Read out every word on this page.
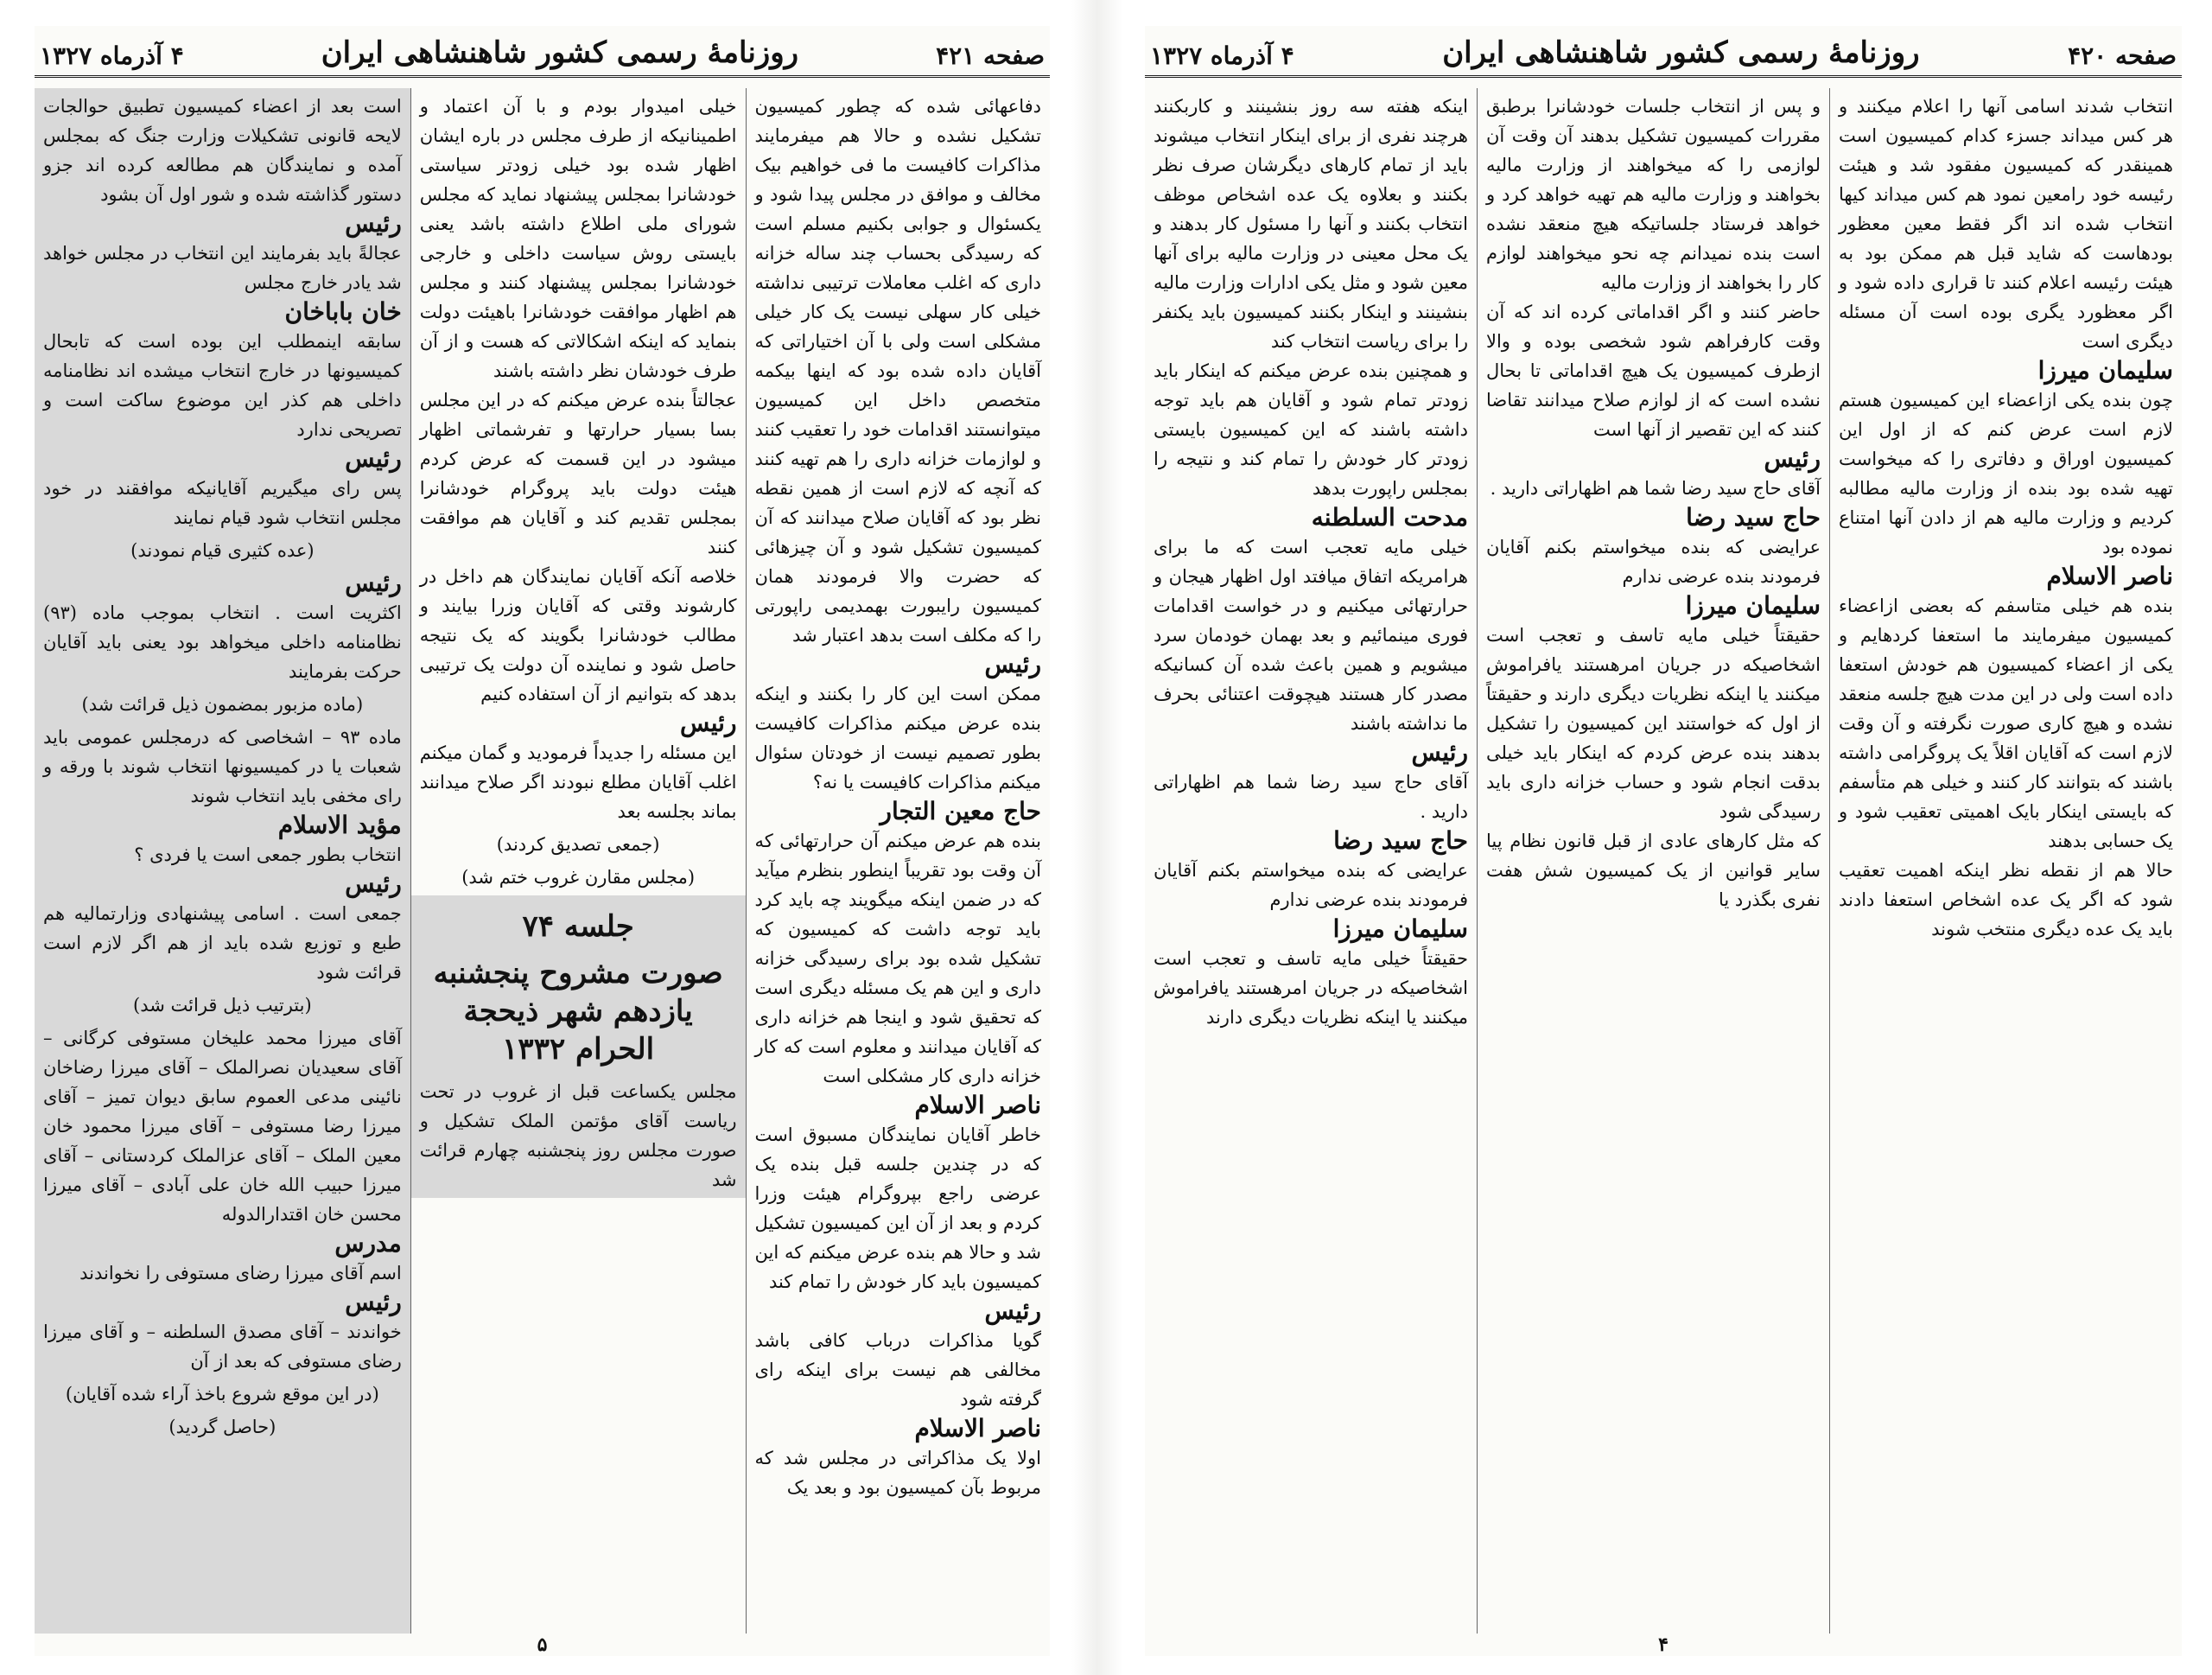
صفحه ۴۲۱
روزنامهٔ رسمی کشور شاهنشاهی ایران
۴ آذرماه ۱۳۲۷
دفاعهائی شده که چطور کمیسیون تشکیل نشده و حالا هم میفرمایند مذاکرات کافیست ما فی خواهیم بیک مخالف و موافق در مجلس پیدا شود و یکسئوال و جوابی بکنیم مسلم است که رسیدگی بحساب چند ساله خزانه داری که اغلب معاملات ترتیبی نداشته خیلی کار سهلی نیست یک کار خیلی مشکلی است ولی با آن اختیاراتی که آقایان داده شده بود که اینها بیکمه متخصص داخل این کمیسیون میتوانستند اقدامات خود را تعقیب کنند و لوازمات خزانه داری را هم تهیه کنند که آنچه که لازم است از همین نقطه نظر بود که آقایان صلاح میدانند که آن کمیسیون تشکیل شود و آن چیزهائی که حضرت والا فرمودند همان کمیسیون رایبورت بهمدیمی راپورتی را که مکلف است بدهد اعتبار شد
رئیس
ممکن است این کار را بکنند و اینکه بنده عرض میکنم مذاکرات کافیست بطور تصمیم نیست از خودتان سئوال میکنم مذاکرات کافیست یا نه؟
حاج معین التجار
بنده هم عرض میکنم آن حرارتهائی که آن وقت بود تقریباً اینطور بنظرم میآید که در ضمن اینکه میگویند چه باید کرد باید توجه داشت که کمیسیون که تشکیل شده بود برای رسیدگی خزانه داری و این هم یک مسئله دیگری است که تحقیق شود و اینجا هم خزانه داری که آقایان میدانند و معلوم است که کار خزانه داری کار مشکلی است
ناصر الاسلام
خاطر آقایان نمایندگان مسبوق است که در چندین جلسه قبل بنده یک عرضی راجع بپروگرام هیئت وزرا کردم و بعد از آن این کمیسیون تشکیل شد و حالا هم بنده عرض میکنم که این کمیسیون باید کار خودش را تمام کند
رئیس
گویا مذاکرات درباب کافی باشد مخالفی هم نیست برای اینکه رای گرفته شود
ناصر الاسلام
اولا یک مذاکراتی در مجلس شد که مربوط بآن کمیسیون بود و بعد یک
خیلی امیدوار بودم و با آن اعتماد و اطمینانیکه از طرف مجلس در باره ایشان اظهار شده بود خیلی زودتر سیاستی خودشانرا بمجلس پیشنهاد نماید که مجلس شورای ملی اطلاع داشته باشد یعنی بایستی روش سیاست داخلی و خارجی خودشانرا بمجلس پیشنهاد کنند و مجلس هم اظهار موافقت خودشانرا باهیئت دولت بنماید که اینکه اشکالاتی که هست و از آن طرف خودشان نظر داشته باشند
عجالتاً بنده عرض میکنم که در این مجلس بسا بسیار حرارتها و تفرشماتی اظهار میشود در این قسمت که عرض کردم هیئت دولت باید پروگرام خودشانرا بمجلس تقدیم کند و آقایان هم موافقت کنند
خلاصه آنکه آقایان نمایندگان هم داخل در کارشوند وقتی که آقایان وزرا بیایند و مطالب خودشانرا بگویند که یک نتیجه حاصل شود و نماینده آن دولت یک ترتیبی بدهد که بتوانیم از آن استفاده کنیم
رئیس
این مسئله را جدیداً فرمودید و گمان میکنم اغلب آقایان مطلع نبودند اگر صلاح میدانند بماند بجلسه بعد
(جمعی تصدیق کردند)
(مجلس مقارن غروب ختم شد)
جلسه ۷۴
صورت مشروح پنجشنبه یازدهم شهر ذیحجة الحرام ۱۳۳۲
مجلس یکساعت قبل از غروب در تحت ریاست آقای مؤتمن الملک تشکیل و صورت مجلس روز پنجشنبه چهارم قرائت شد
است بعد از اعضاء کمیسیون تطبیق حوالجات لایحه قانونی تشکیلات وزارت جنگ که بمجلس آمده و نمایندگان هم مطالعه کرده اند جزو دستور گذاشته شده و شور اول آن بشود
رئیس
عجالةً باید بفرمایند این انتخاب در مجلس خواهد شد یادر خارج مجلس
خان باباخان
سابقه اینمطلب این بوده است که تابحال کمیسیونها در خارج انتخاب میشده اند نظامنامه داخلی هم کذر این موضوع ساکت است و تصریحی ندارد
رئیس
پس رای میگیریم آقایانیکه موافقند در خود مجلس انتخاب شود قیام نمایند
(عده کثیری قیام نمودند)
رئیس
اکثریت است . انتخاب بموجب ماده (۹۳) نظامنامه داخلی میخواهد بود یعنی باید آقایان حرکت بفرمایند
(ماده مزبور بمضمون ذیل قرائت شد)
ماده ۹۳ – اشخاصی که درمجلس عمومی باید شعبات یا در کمیسیونها انتخاب شوند با ورقه و رای مخفی باید انتخاب شوند
مؤید الاسلام
انتخاب بطور جمعی است یا فردی ؟
رئیس
جمعی است . اسامی پیشنهادی وزارتمالیه هم طبع و توزیع شده باید از هم اگر لازم است قرائت شود
(بترتیب ذیل قرائت شد)
آقای میرزا محمد علیخان مستوفی کرگانی – آقای سعیدیان نصرالملک – آقای میرزا رضاخان نائینی مدعی العموم سابق دیوان تمیز – آقای میرزا رضا مستوفی – آقای میرزا محمود خان معین الملک – آقای عزالملک کردستانی – آقای میرزا حبیب الله خان علی آبادی – آقای میرزا محسن خان اقتدارالدوله
مدرس
اسم آقای میرزا رضای مستوفی را نخواندند
رئیس
خواندند – آقای مصدق السلطنه – و آقای میرزا رضای مستوفی که بعد از آن
(در این موقع شروع باخذ آراء شده آقایان)
(حاصل گردید)
۵
صفحه ۴۲۰
روزنامهٔ رسمی کشور شاهنشاهی ایران
۴ آذرماه ۱۳۲۷
انتخاب شدند اسامی آنها را اعلام میکنند و هر کس میداند جسزء کدام کمیسیون است همینقدر که کمیسیون مفقود شد و هیئت رئیسه خود رامعین نمود هم کس میداند کیها انتخاب شده اند اگر فقط معین معظور بودهاست که شاید قبل هم ممکن بود به هیئت رئیسه اعلام کنند تا قراری داده شود و اگر معظورد یگری بوده است آن مسئله دیگری است
سلیمان میرزا
چون بنده یکی ازاعضاء این کمیسیون هستم لازم است عرض کنم که از اول این کمیسیون اوراق و دفاتری را که میخواست تهیه شده بود بنده از وزارت مالیه مطالبه کردیم و وزارت مالیه هم از دادن آنها امتناع نموده بود
ناصر الاسلام
بنده هم خیلی متاسفم که بعضی ازاعضاء کمیسیون میفرمایند ما استعفا کردهایم و یکی از اعضاء کمیسیون هم خودش استعفا داده است ولی در این مدت هیچ جلسه منعقد نشده و هیچ کاری صورت نگرفته و آن وقت لازم است که آقایان اقلاً یک پروگرامی داشته باشند که بتوانند کار کنند و خیلی هم متأسفم که بایستی اینکار بایک اهمیتی تعقیب شود و یک حسابی بدهند
حالا هم از نقطه نظر اینکه اهمیت تعقیب شود که اگر یک عده اشخاص استعفا دادند باید یک عده دیگری منتخب شوند
و پس از انتخاب جلسات خودشانرا برطبق مقررات کمیسیون تشکیل بدهند آن وقت آن لوازمی را که میخواهند از وزارت مالیه بخواهند و وزارت مالیه هم تهیه خواهد کرد و خواهد فرستاد جلساتیکه هیچ منعقد نشده است بنده نمیدانم چه نحو میخواهند لوازم کار را بخواهند از وزارت مالیه
حاضر کنند و اگر اقداماتی کرده اند که آن وقت کارفراهم شود شخصی بوده و والا ازطرف کمیسیون یک هیچ اقداماتی تا بحال نشده است که از لوازم صلاح میدانند تقاضا کنند که این تقصیر از آنها است
رئیس
آقای حاج سید رضا شما هم اظهاراتی دارید .
حاج سید رضا
عرایضی که بنده میخواستم بکنم آقایان فرمودند بنده عرضی ندارم
سلیمان میرزا
حقیقتاً خیلی مایه تاسف و تعجب است اشخاصیکه در جریان امرهستند یافراموش میکنند یا اینکه نظریات دیگری دارند و حقیقتاً از اول که خواستند این کمیسیون را تشکیل بدهند بنده عرض کردم که اینکار باید خیلی بدقت انجام شود و حساب خزانه داری باید رسیدگی شود
که مثل کارهای عادی از قبل قانون نظام پیا سایر قوانین از یک کمیسیون شش هفت نفری بگذرد یا
اینکه هفته سه روز بنشینند و کاربکنند هرچند نفری از برای اینکار انتخاب میشوند باید از تمام کارهای دیگرشان صرف نظر بکنند و بعلاوه یک عده اشخاص موظف انتخاب بکنند و آنها را مسئول کار بدهند و یک محل معینی در وزارت مالیه برای آنها معین شود و مثل یکی ادارات وزارت مالیه بنشینند و اینکار بکنند کمیسیون باید یکنفر را برای ریاست انتخاب کند
و همچنین بنده عرض میکنم که اینکار باید زودتر تمام شود و آقایان هم باید توجه داشته باشند که این کمیسیون بایستی زودتر کار خودش را تمام کند و نتیجه را بمجلس راپورت بدهد
مدحت السلطنه
خیلی مایه تعجب است که ما برای هرامریکه اتفاق میافتد اول اظهار هیجان و حرارتهائی میکنیم و در خواست اقدامات فوری مینمائیم و بعد بهمان خودمان سرد میشویم و همین باعث شده آن کسانیکه مصدر کار هستند هیچوقت اعتنائی بحرف ما نداشته باشند
رئیس
آقای حاج سید رضا شما هم اظهاراتی دارید .
حاج سید رضا
عرایضی که بنده میخواستم بکنم آقایان فرمودند بنده عرضی ندارم
سلیمان میرزا
حقیقتاً خیلی مایه تاسف و تعجب است اشخاصیکه در جریان امرهستند یافراموش میکنند یا اینکه نظریات دیگری دارند
۴
